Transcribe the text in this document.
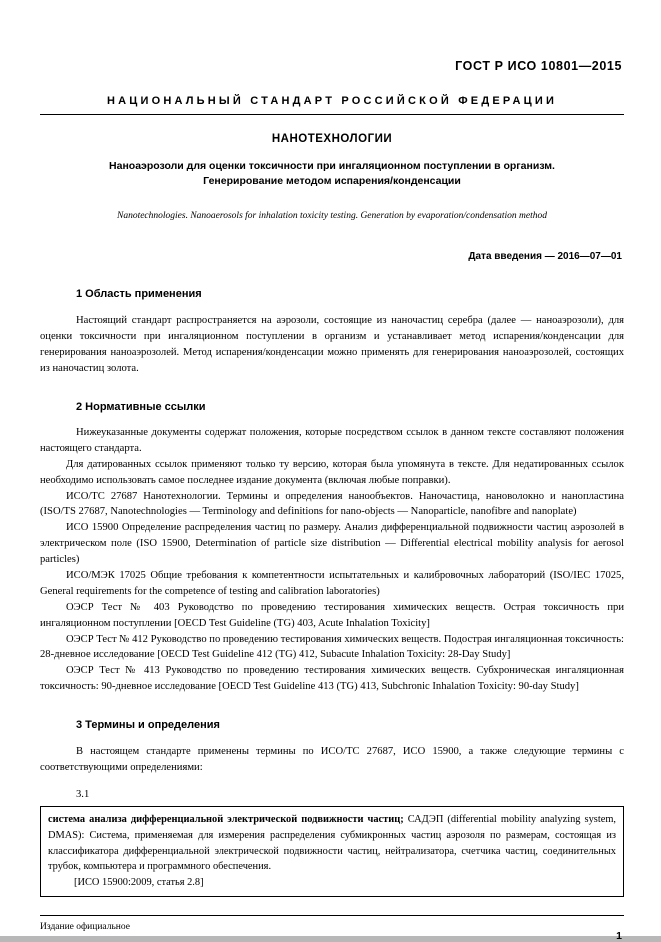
ГОСТ Р ИСО 10801—2015
НАЦИОНАЛЬНЫЙ СТАНДАРТ РОССИЙСКОЙ ФЕДЕРАЦИИ
НАНОТЕХНОЛОГИИ
Наноаэрозоли для оценки токсичности при ингаляционном поступлении в организм.
Генерирование методом испарения/конденсации
Nanotechnologies. Nanoaerosols for inhalation toxicity testing. Generation by evaporation/condensation method
Дата введения — 2016—07—01
1 Область применения

Настоящий стандарт распространяется на аэрозоли, состоящие из наночастиц серебра (далее — наноаэрозоли), для оценки токсичности при ингаляционном поступлении в организм и устанавливает метод испарения/конденсации для генерирования наноаэрозолей. Метод испарения/конденсации можно применять для генерирования наноаэрозолей, состоящих из наночастиц золота.

2 Нормативные ссылки

Нижеуказанные документы содержат положения, которые посредством ссылок в данном тексте составляют положения настоящего стандарта.

Для датированных ссылок применяют только ту версию, которая была упомянута в тексте. Для недатированных ссылок необходимо использовать самое последнее издание документа (включая любые поправки).

ИСО/ТС 27687 Нанотехнологии. Термины и определения нанообъектов. Наночастица, нановолокно и нанопластина (ISO/TS 27687, Nanotechnologies — Terminology and definitions for nano-objects — Nanoparticle, nanofibre and nanoplate)

ИСО 15900 Определение распределения частиц по размеру. Анализ дифференциальной подвижности частиц аэрозолей в электрическом поле (ISO 15900, Determination of particle size distribution — Differential electrical mobility analysis for aerosol particles)

ИСО/МЭК 17025 Общие требования к компетентности испытательных и калибровочных лабораторий (ISO/IEC 17025, General requirements for the competence of testing and calibration laboratories)

ОЭСР Тест № 403 Руководство по проведению тестирования химических веществ. Острая токсичность при ингаляционном поступлении [OECD Test Guideline (TG) 403, Acute Inhalation Toxicity]

ОЭСР Тест № 412 Руководство по проведению тестирования химических веществ. Подострая ингаляционная токсичность: 28-дневное исследование [OECD Test Guideline 412 (TG) 412, Subacute Inhalation Toxicity: 28-Day Study]

ОЭСР Тест № 413 Руководство по проведению тестирования химических веществ. Субхроническая ингаляционная токсичность: 90-дневное исследование [OECD Test Guideline 413 (TG) 413, Subchronic Inhalation Toxicity: 90-day Study]

3 Термины и определения

В настоящем стандарте применены термины по ИСО/ТС 27687, ИСО 15900, а также следующие термины с соответствующими определениями:

3.1

система анализа дифференциальной электрической подвижности частиц; САДЭП (differential mobility analyzing system, DMAS): Система, применяемая для измерения распределения субмикронных частиц аэрозоля по размерам, состоящая из классификатора дифференциальной электрической подвижности частиц, нейтрализатора, счетчика частиц, соединительных трубок, компьютера и программного обеспечения.

[ИСО 15900:2009, статья 2.8]
Издание официальное
1
